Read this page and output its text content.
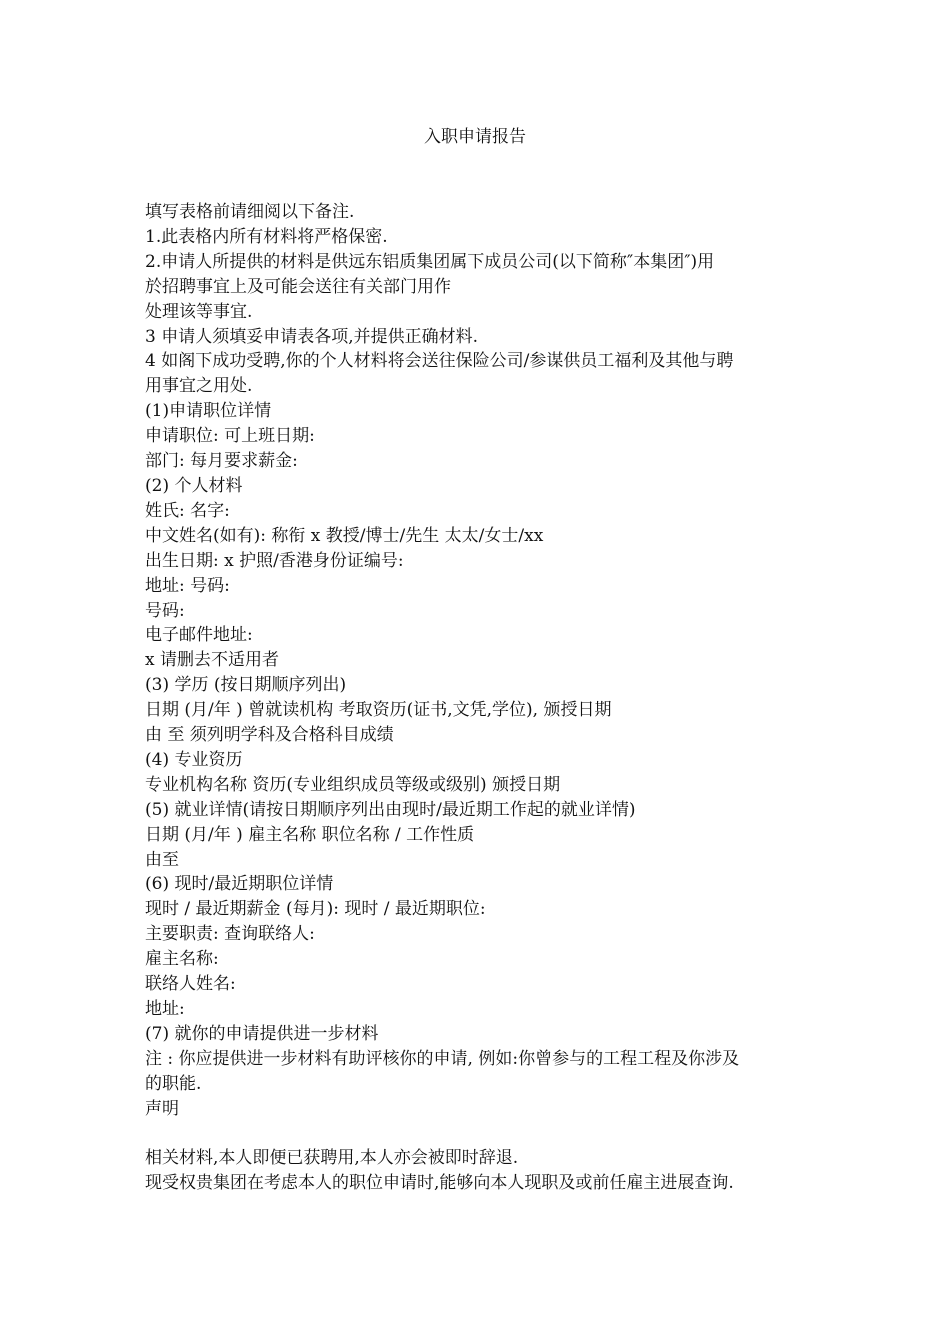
入职申请报告
填写表格前请细阅以下备注.
1.此表格内所有材料将严格保密.
2.申请人所提供的材料是供远东铝质集团属下成员公司(以下简称″本集团″)用
於招聘事宜上及可能会送往有关部门用作
处理该等事宜.
3 申请人须填妥申请表各项,并提供正确材料.
4 如阁下成功受聘,你的个人材料将会送往保险公司/参谋供员工福利及其他与聘
用事宜之用处.
(1)申请职位详情
申请职位: 可上班日期:
部门: 每月要求薪金:
(2) 个人材料
姓氏: 名字:
中文姓名(如有): 称衔 x 教授/博士/先生 太太/女士/xx
出生日期: x 护照/香港身份证编号:
地址: 号码:
号码:
电子邮件地址:
x 请删去不适用者
(3) 学历 (按日期顺序列出)
日期 (月/年 ) 曾就读机构 考取资历(证书,文凭,学位), 颁授日期
由 至 须列明学科及合格科目成绩
(4) 专业资历
专业机构名称 资历(专业组织成员等级或级别) 颁授日期
(5) 就业详情(请按日期顺序列出由现时/最近期工作起的就业详情)
日期 (月/年 ) 雇主名称 职位名称 / 工作性质
由至
(6) 现时/最近期职位详情
现时 / 最近期薪金 (每月): 现时 / 最近期职位:
主要职责: 查询联络人:
雇主名称:
联络人姓名:
地址:
(7) 就你的申请提供进一步材料
注 : 你应提供进一步材料有助评核你的申请, 例如:你曾参与的工程工程及你涉及
的职能.
声明
相关材料,本人即便已获聘用,本人亦会被即时辞退.
现受权贵集团在考虑本人的职位申请时,能够向本人现职及或前任雇主进展查询.
